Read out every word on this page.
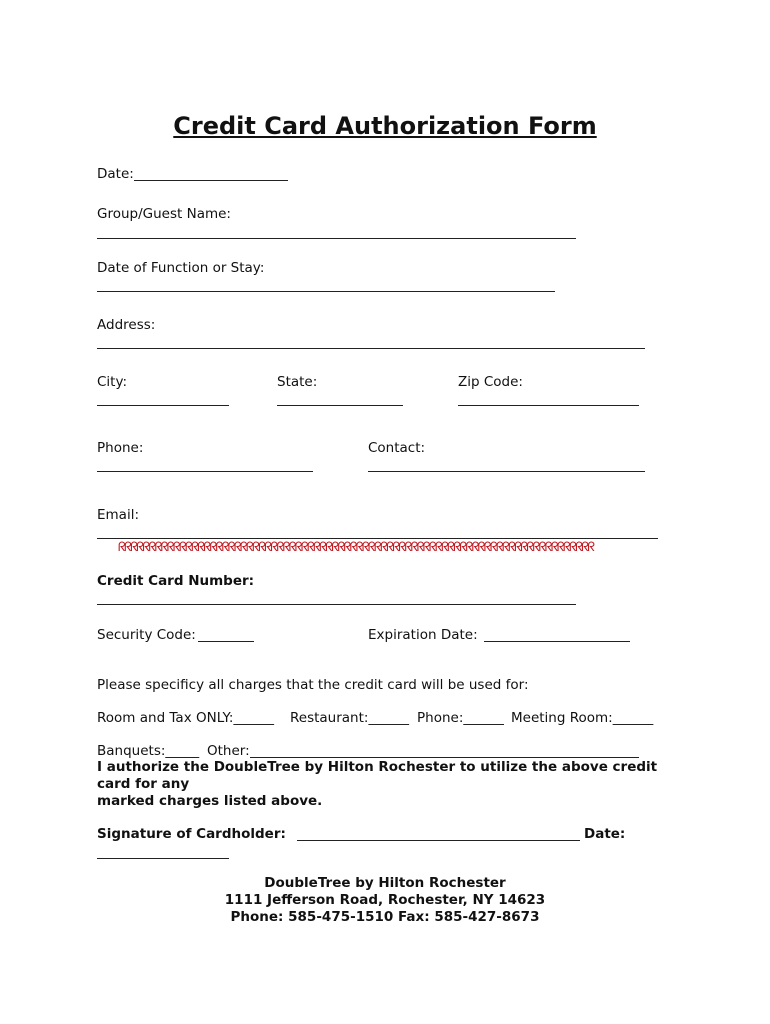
Credit Card Authorization Form

Date:

Group/Guest Name:

Date of Function or Stay:

Address:

City:	State:	Zip Code:

Phone:	Contact:

Email:

ᖇᖇᖇᖇᖇᖇᖇᖇᖇᖇᖇᖇᖇᖇᖇᖇᖇᖇᖇᖇᖇᖇᖇᖇᖇᖇᖇᖇᖇᖇᖇᖇᖇᖇᖇᖇᖇᖇᖇᖇᖇᖇᖇᖇᖇᖇᖇᖇᖇᖇᖇᖇᖇᖇᖇᖇᖇᖇᖇᖇᖇᖇᖇᖇᖇᖇᖇᖇᖇᖇᖇᖇᖇᖇᖇᖇᖇᖇ

Credit Card Number:

Security Code:	Expiration Date:

Please specificy all charges that the credit card will be used for:

Room and Tax ONLY:______ Restaurant:______ Phone:______ Meeting Room:______

Banquets:_____ Other:

I authorize the DoubleTree by Hilton Rochester to utilize the above credit card for any
marked charges listed above.

Signature of Cardholder:	Date:

DoubleTree by Hilton Rochester
1111 Jefferson Road, Rochester, NY 14623
Phone: 585-475-1510 Fax: 585-427-8673
